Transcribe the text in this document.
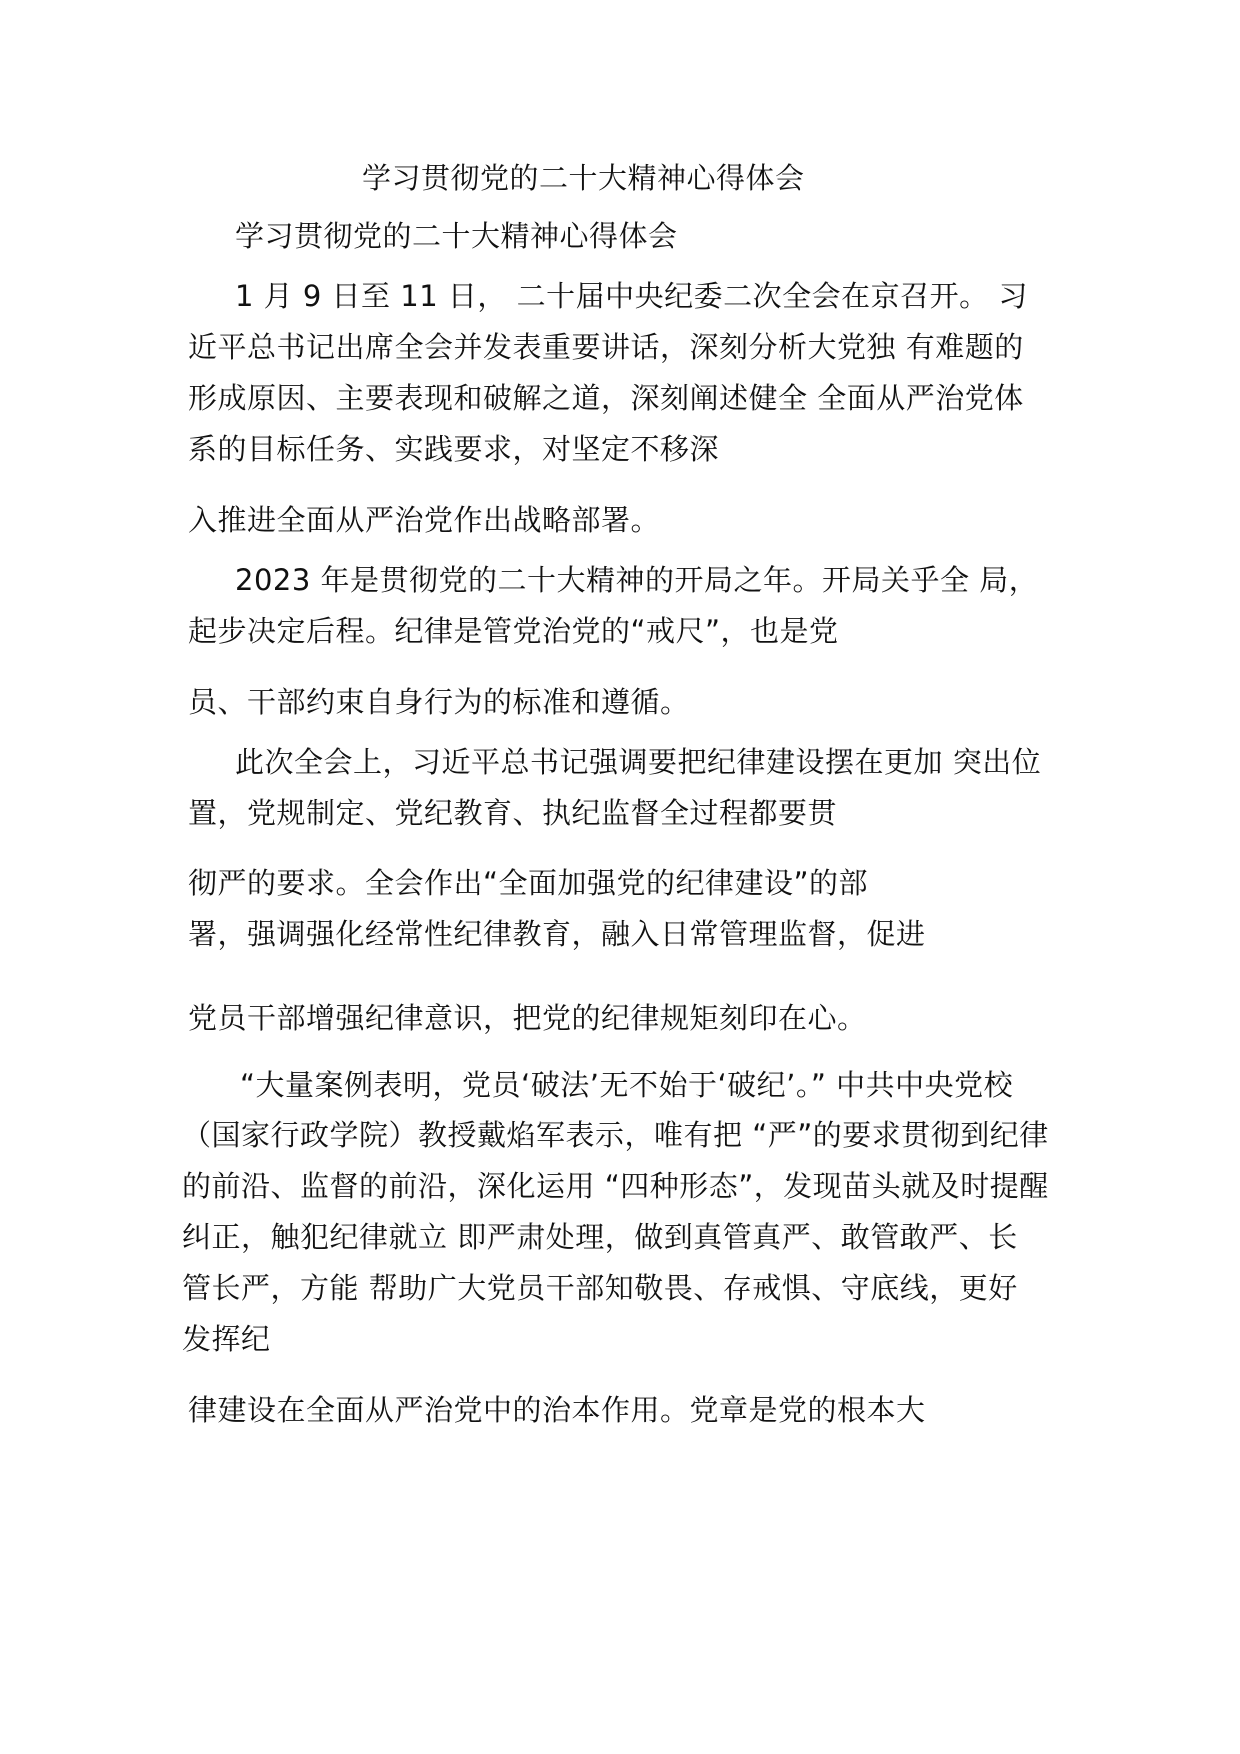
学习贯彻党的二十大精神心得体会
学习贯彻党的二十大精神心得体会
1 月 9 日至 11 日， 二十届中央纪委二次全会在京召开。 习
近平总书记出席全会并发表重要讲话，深刻分析大党独 有难题的
形成原因、主要表现和破解之道，深刻阐述健全 全面从严治党体
系的目标任务、实践要求，对坚定不移深
入推进全面从严治党作出战略部署。
2023 年是贯彻党的二十大精神的开局之年。开局关乎全 局，
起步决定后程。纪律是管党治党的“戒尺”，也是党
员、干部约束自身行为的标准和遵循。
此次全会上，习近平总书记强调要把纪律建设摆在更加 突出位
置，党规制定、党纪教育、执纪监督全过程都要贯
彻严的要求。全会作出“全面加强党的纪律建设”的部
署，强调强化经常性纪律教育，融入日常管理监督，促进
党员干部增强纪律意识，把党的纪律规矩刻印在心。
“大量案例表明，党员‘破法’无不始于‘破纪’。” 中共中央党校
（国家行政学院）教授戴焰军表示，唯有把 “严”的要求贯彻到纪律
的前沿、监督的前沿，深化运用 “四种形态”，发现苗头就及时提醒
纠正，触犯纪律就立 即严肃处理，做到真管真严、敢管敢严、长
管长严，方能 帮助广大党员干部知敬畏、存戒惧、守底线，更好
发挥纪
律建设在全面从严治党中的治本作用。党章是党的根本大
